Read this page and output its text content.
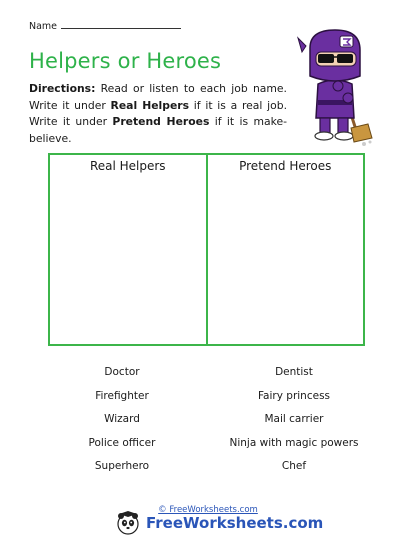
Name
Helpers or Heroes
Directions: Read or listen to each job name. Write it under Real Helpers if it is a real job. Write it under Pretend Heroes if it is make-believe.
Real Helpers	Pretend Heroes
Doctor
Firefighter
Wizard
Police officer
Superhero
Dentist
Fairy princess
Mail carrier
Ninja with magic powers
Chef
© FreeWorksheets.com
FreeWorksheets.com
